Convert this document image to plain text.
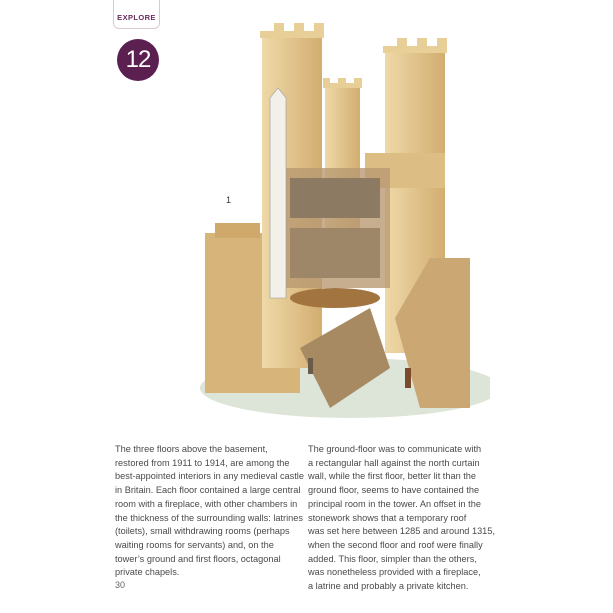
EXPLORE
12
1
The three floors above the basement,
restored from 1911 to 1914, are among the
best-appointed interiors in any medieval castle
in Britain. Each floor contained a large central
room with a fireplace, with other chambers in
the thickness of the surrounding walls: latrines
(toilets), small withdrawing rooms (perhaps
waiting rooms for servants) and, on the
tower’s ground and first floors, octagonal
private chapels.
The ground-floor was to communicate with
a rectangular hall against the north curtain
wall, while the first floor, better lit than the
ground floor, seems to have contained the
principal room in the tower. An offset in the
stonework shows that a temporary roof
was set here between 1285 and around 1315,
when the second floor and roof were finally
added. This floor, simpler than the others,
was nonetheless provided with a fireplace,
a latrine and probably a private kitchen.
30
